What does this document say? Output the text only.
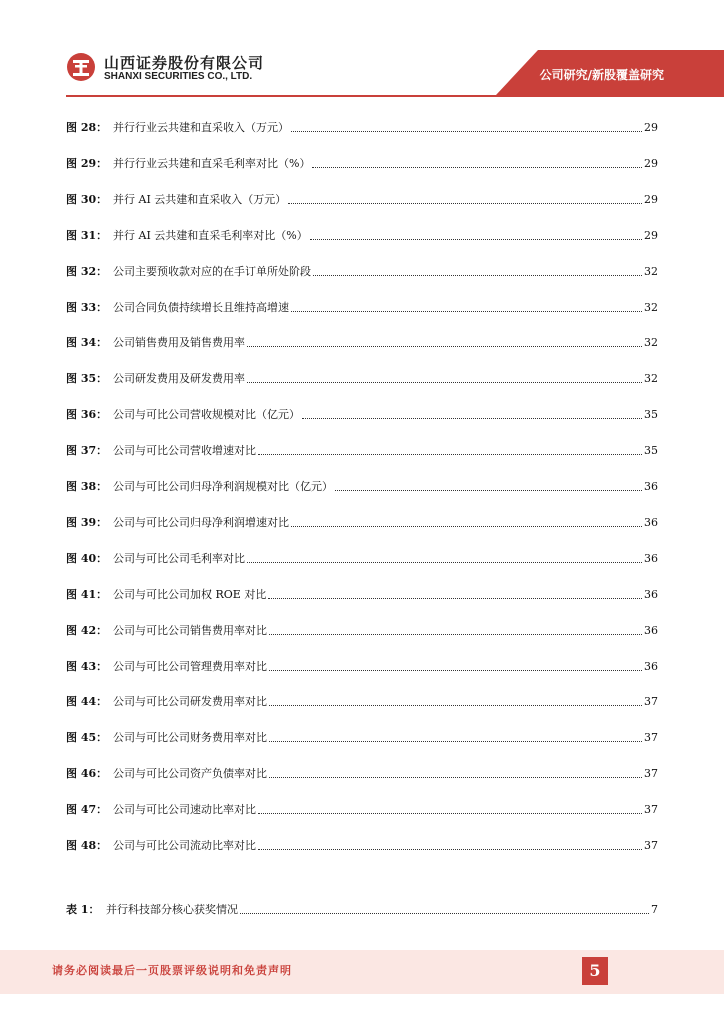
山西证券股份有限公司
SHANXI SECURITIES CO., LTD.	公司研究/新股覆盖研究
图 28： 并行行业云共建和直采收入（万元）	29
图 29： 并行行业云共建和直采毛利率对比（%）	29
图 30： 并行 AI 云共建和直采收入（万元）	29
图 31： 并行 AI 云共建和直采毛利率对比（%）	29
图 32： 公司主要预收款对应的在手订单所处阶段	32
图 33： 公司合同负债持续增长且维持高增速	32
图 34： 公司销售费用及销售费用率	32
图 35： 公司研发费用及研发费用率	32
图 36： 公司与可比公司营收规模对比（亿元）	35
图 37： 公司与可比公司营收增速对比	35
图 38： 公司与可比公司归母净利润规模对比（亿元）	36
图 39： 公司与可比公司归母净利润增速对比	36
图 40： 公司与可比公司毛利率对比	36
图 41： 公司与可比公司加权 ROE 对比	36
图 42： 公司与可比公司销售费用率对比	36
图 43： 公司与可比公司管理费用率对比	36
图 44： 公司与可比公司研发费用率对比	37
图 45： 公司与可比公司财务费用率对比	37
图 46： 公司与可比公司资产负债率对比	37
图 47： 公司与可比公司速动比率对比	37
图 48： 公司与可比公司流动比率对比	37
表 1： 并行科技部分核心获奖情况	7
请务必阅读最后一页股票评级说明和免责声明	5
